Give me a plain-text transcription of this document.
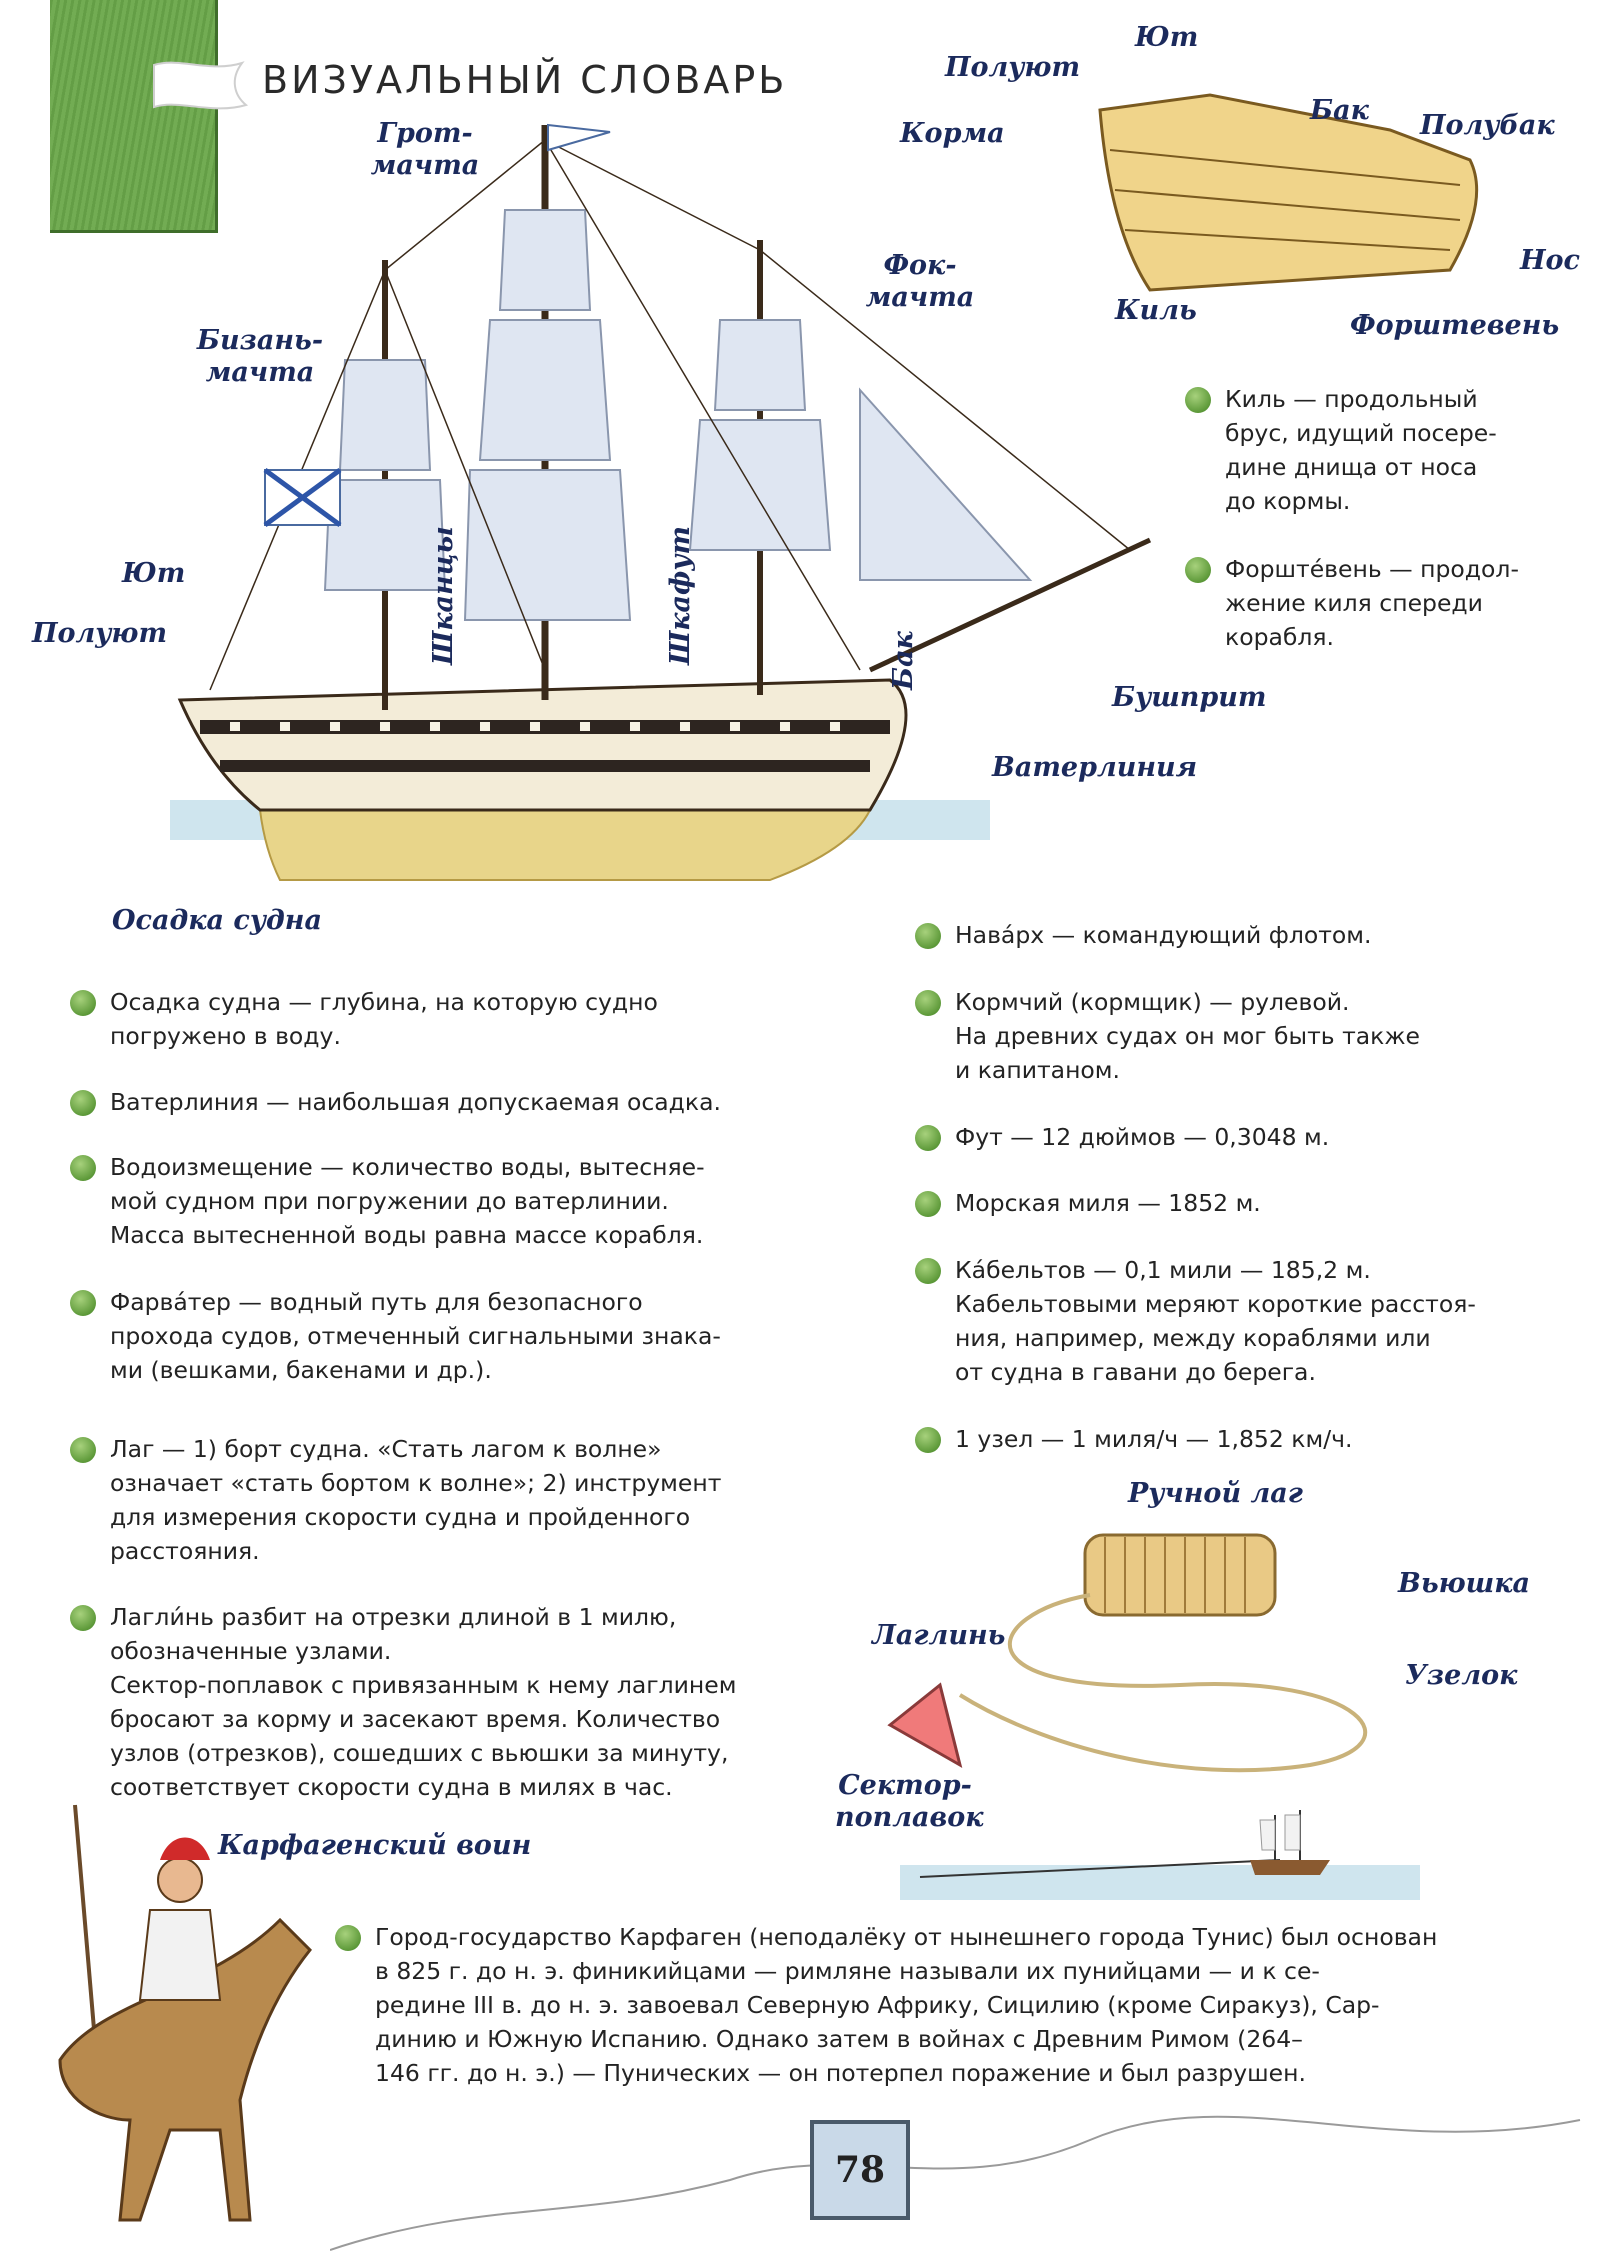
ВИЗУАЛЬНЫЙ СЛОВАРЬ
Грот-
мачта
Фок-
мачта
Бизань-
мачта
Ют
Полуют	Шканцы	Шкафут	Бак
Бушприт
Ватерлиния
Осадка судна
Ют
Полуют
Корма
Бак Полубак
Нос
Киль	Форштевень

Киль — продольный

брус, идущий посере-

дине днища от носа

до кормы.

Форште́вень — продол-

жение киля спереди

корабля.

Осадка судна — глубина, на которую судно

погружено в воду.

Ватерлиния — наибольшая допускаемая осадка.

Водоизмещение — количество воды, вытесняе-

мой судном при погружении до ватерлинии.

Масса вытесненной воды равна массе корабля.

Фарва́тер — водный путь для безопасного

прохода судов, отмеченный сигнальными знака-

ми (вешками, бакенами и др.).

Лаг — 1) борт судна. «Стать лагом к волне»

означает «стать бортом к волне»; 2) инструмент

для измерения скорости судна и пройденного

расстояния.

Лагли́нь разбит на отрезки длиной в 1 милю,

обозначенные узлами.

Сектор-поплавок с привязанным к нему лаглинем

бросают за корму и засекают время. Количество

узлов (отрезков), сошедших с вьюшки за минуту,

соответствует скорости судна в милях в час.

Нава́рх — командующий флотом.

Кормчий (кормщик) — рулевой.

На древних судах он мог быть также

и капитаном.

Фут — 12 дюймов — 0,3048 м.

Морская миля — 1852 м.

Ка́бельтов — 0,1 мили — 185,2 м.

Кабельтовыми меряют короткие расстоя-

ния, например, между кораблями или

от судна в гавани до берега.

1 узел — 1 миля/ч — 1,852 км/ч.

Ручной лаг
Вьюшка
Лаглинь
Узелок
Сектор-
поплавок
Карфагенский воин

Город-государство Карфаген (неподалёку от нынешнего города Тунис) был основан

в 825 г. до н. э. финикийцами — римляне называли их пунийцами — и к се-

редине III в. до н. э. завоевал Северную Африку, Сицилию (кроме Сиракуз), Сар-

динию и Южную Испанию. Однако затем в войнах с Древним Римом (264–

146 гг. до н. э.) — Пунических — он потерпел поражение и был разрушен.

78
